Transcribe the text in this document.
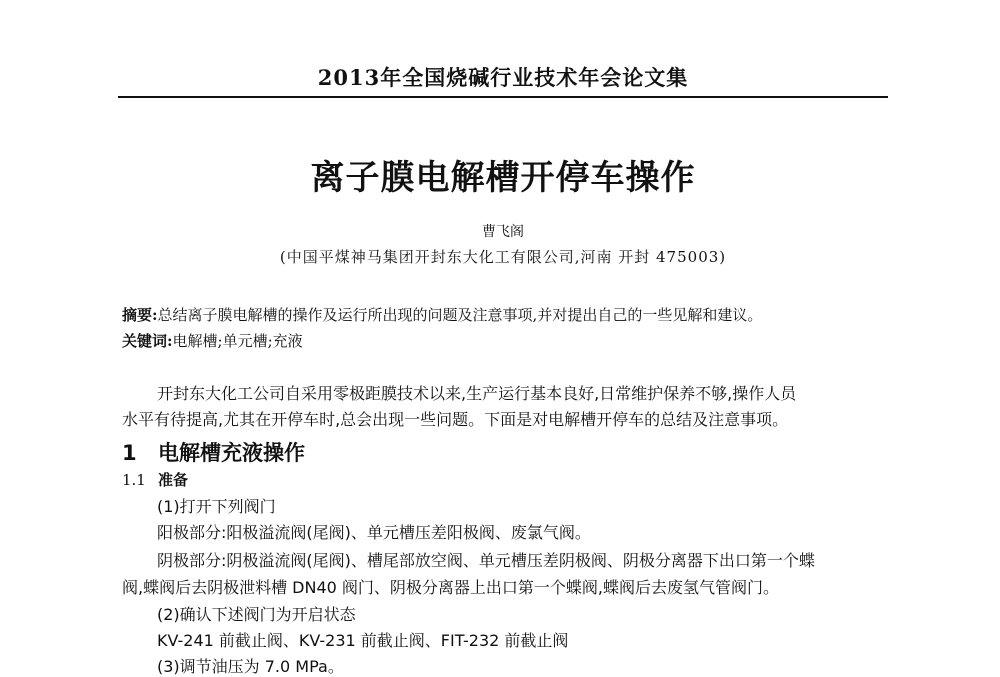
2013年全国烧碱行业技术年会论文集
离子膜电解槽开停车操作
曹飞阁
(中国平煤神马集团开封东大化工有限公司,河南 开封 475003)
摘要:总结离子膜电解槽的操作及运行所出现的问题及注意事项,并对提出自己的一些见解和建议。
关键词:电解槽;单元槽;充液
开封东大化工公司自采用零极距膜技术以来,生产运行基本良好,日常维护保养不够,操作人员
水平有待提高,尤其在开停车时,总会出现一些问题。下面是对电解槽开停车的总结及注意事项。
1 电解槽充液操作
1.1 准备
(1)打开下列阀门
阳极部分:阳极溢流阀(尾阀)、单元槽压差阳极阀、废氯气阀。
阴极部分:阴极溢流阀(尾阀)、槽尾部放空阀、单元槽压差阴极阀、阴极分离器下出口第一个蝶
阀,蝶阀后去阴极泄料槽 DN40 阀门、阴极分离器上出口第一个蝶阀,蝶阀后去废氢气管阀门。
(2)确认下述阀门为开启状态
KV-241 前截止阀、KV-231 前截止阀、FIT-232 前截止阀
(3)调节油压为 7.0 MPa。
